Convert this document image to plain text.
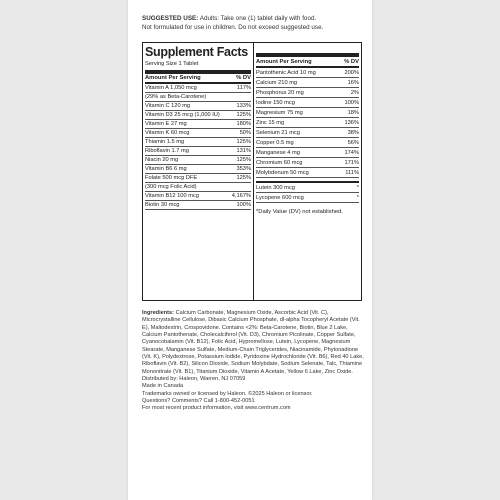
SUGGESTED USE: Adults: Take one (1) tablet daily with food.

Not formulated for use in children. Do not exceed suggested use.

Supplement Facts
Serving Size 1 Tablet
Amount Per Serving	% DV
Vitamin A 1,050 mcg	117%
(29% as Beta-Carotene)
Vitamin C 120 mg	133%
Vitamin D3 25 mcg (1,000 IU)	125%
Vitamin E 27 mg	180%
Vitamin K 60 mcg	50%
Thiamin 1.5 mg	125%
Riboflavin 1.7 mg	131%
Niacin 20 mg	125%
Vitamin B6 6 mg	353%
Folate 500 mcg DFE	125%
(300 mcg Folic Acid)
Vitamin B12 100 mcg	4,167%
Biotin 30 mcg	100%
Amount Per Serving	% DV
Pantothenic Acid 10 mg	200%
Calcium 210 mg	16%
Phosphorus 20 mg	2%
Iodine 150 mcg	100%
Magnesium 75 mg	18%
Zinc 15 mg	136%
Selenium 21 mcg	38%
Copper 0.5 mg	56%
Manganese 4 mg	174%
Chromium 60 mcg	171%
Molybdenum 50 mcg	111%
Lutein 300 mcg	*
Lycopene 600 mcg	*
*Daily Value (DV) not established.

Ingredients: Calcium Carbonate, Magnesium Oxide, Ascorbic Acid (Vit. C), Microcrystalline Cellulose, Dibasic Calcium Phosphate, dl-alpha Tocopheryl Acetate (Vit. E), Maltodextrin, Crospovidone. Contains <2%: Beta-Carotene, Biotin, Blue 2 Lake, Calcium Pantothenate, Cholecalciferol (Vit. D3), Chromium Picolinate, Copper Sulfate, Cyanocobalamin (Vit. B12), Folic Acid, Hypromellose, Lutein, Lycopene, Magnesium Stearate, Manganese Sulfate, Medium-Chain Triglycerides, Niacinamide, Phytonadione (Vit. K), Polydextrose, Potassium Iodide, Pyridoxine Hydrochloride (Vit. B6), Red 40 Lake, Riboflavin (Vit. B2), Silicon Dioxide, Sodium Molybdate, Sodium Selenate, Talc, Thiamine Mononitrate (Vit. B1), Titanium Dioxide, Vitamin A Acetate, Yellow 6 Lake, Zinc Oxide.

Distributed by: Haleon, Warren, NJ 07059

Made in Canada

Trademarks owned or licensed by Haleon. ©2025 Haleon or licensor.

Questions? Comments? Call 1-800-452-0051

For most recent product information, visit www.centrum.com
